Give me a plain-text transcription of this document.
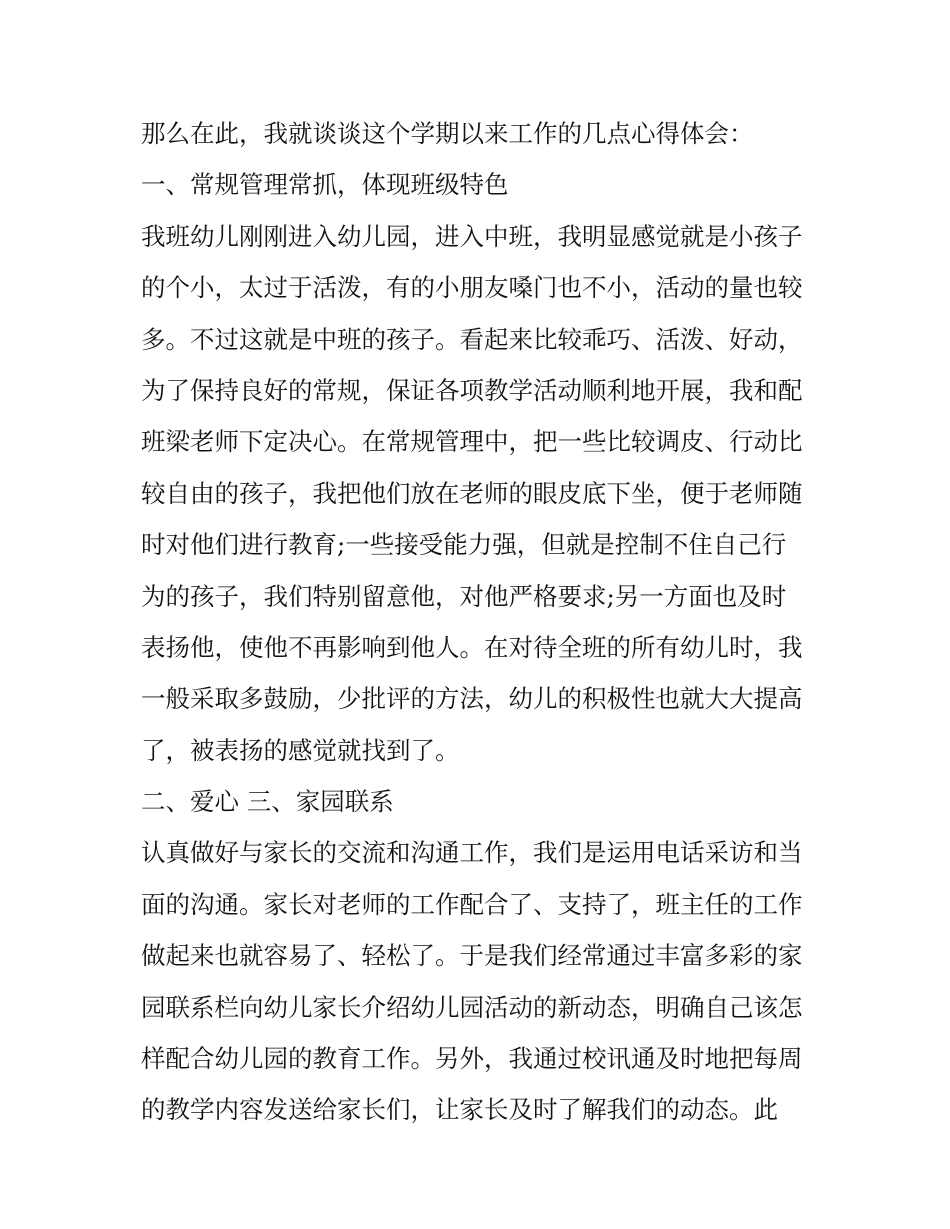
那么在此，我就谈谈这个学期以来工作的几点心得体会：
一、常规管理常抓，体现班级特色
我班幼儿刚刚进入幼儿园，进入中班，我明显感觉就是小孩子
的个小，太过于活泼，有的小朋友嗓门也不小，活动的量也较
多。不过这就是中班的孩子。看起来比较乖巧、活泼、好动，
为了保持良好的常规，保证各项教学活动顺利地开展，我和配
班梁老师下定决心。在常规管理中，把一些比较调皮、行动比
较自由的孩子，我把他们放在老师的眼皮底下坐，便于老师随
时对他们进行教育;一些接受能力强，但就是控制不住自己行
为的孩子，我们特别留意他，对他严格要求;另一方面也及时
表扬他，使他不再影响到他人。在对待全班的所有幼儿时，我
一般采取多鼓励，少批评的方法，幼儿的积极性也就大大提高
了，被表扬的感觉就找到了。
二、爱心 三、家园联系
认真做好与家长的交流和沟通工作，我们是运用电话采访和当
面的沟通。家长对老师的工作配合了、支持了，班主任的工作
做起来也就容易了、轻松了。于是我们经常通过丰富多彩的家
园联系栏向幼儿家长介绍幼儿园活动的新动态，明确自己该怎
样配合幼儿园的教育工作。另外，我通过校讯通及时地把每周
的教学内容发送给家长们，让家长及时了解我们的动态。此
